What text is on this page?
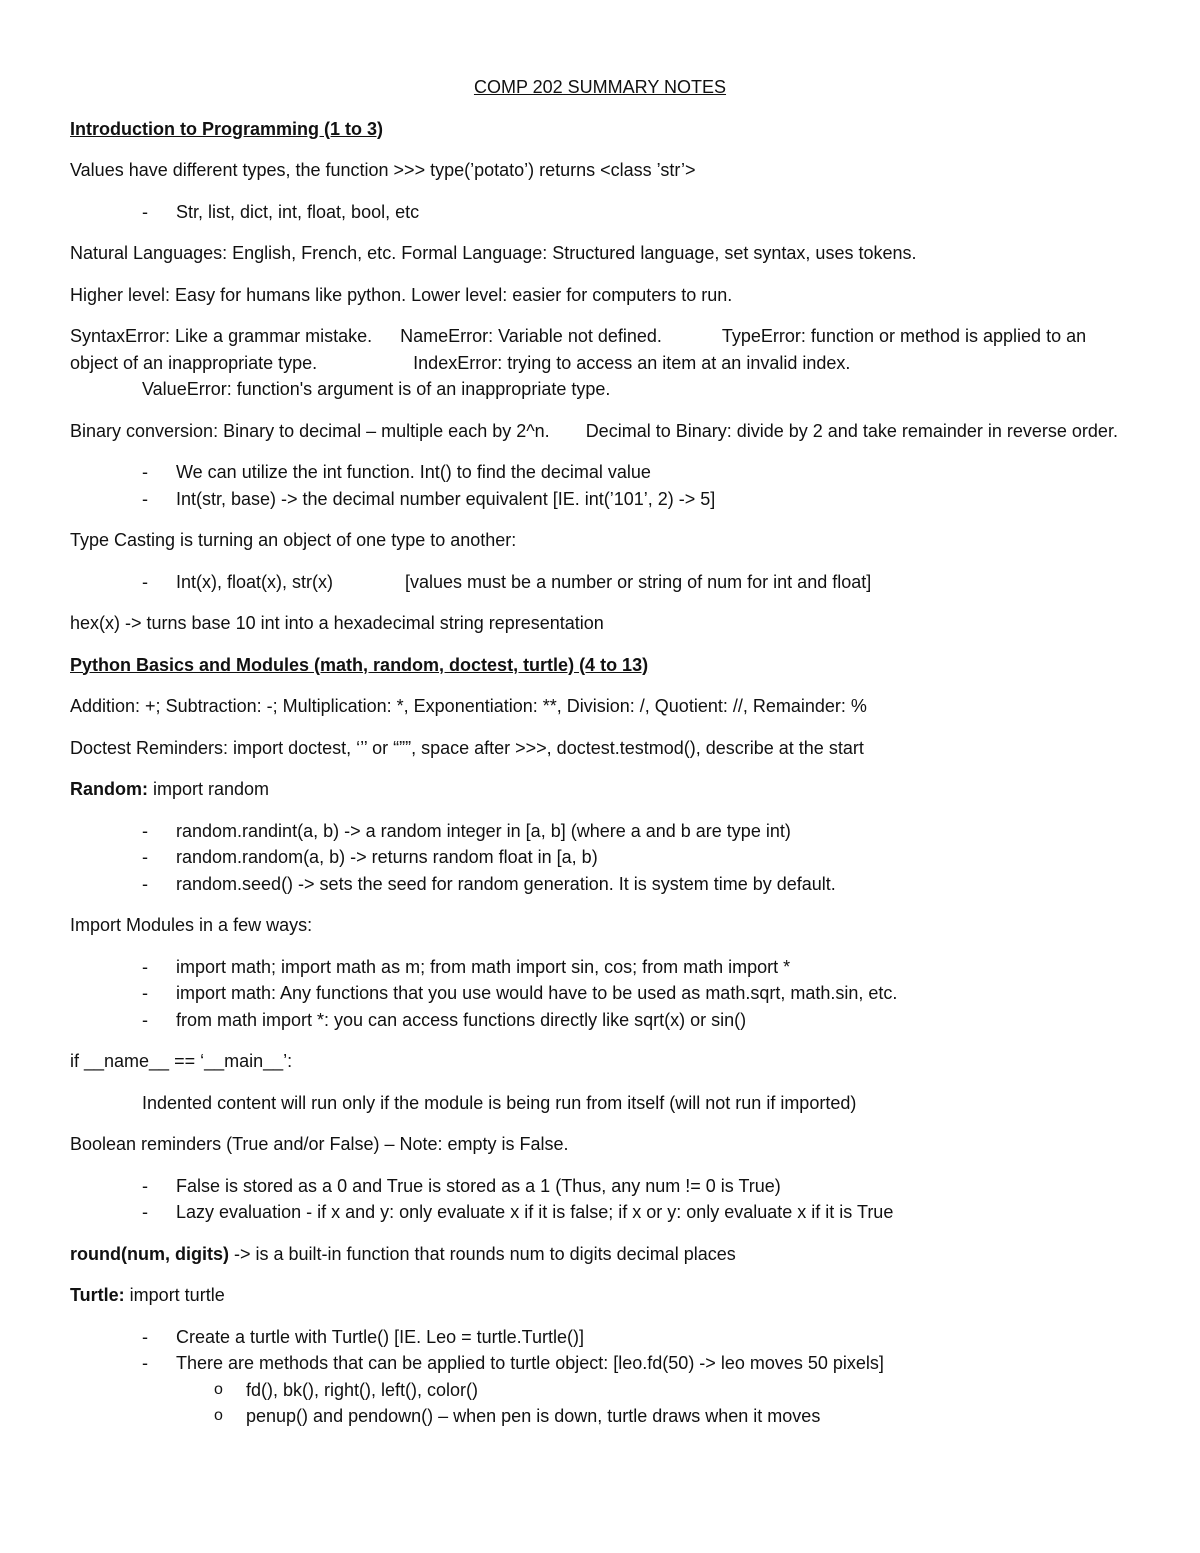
COMP 202 SUMMARY NOTES
Introduction to Programming (1 to 3)

Values have different types, the function >>> type(’potato’) returns <class ’str’>

- Str, list, dict, int, float, bool, etc

Natural Languages: English, French, etc. Formal Language: Structured language, set syntax, uses tokens.

Higher level: Easy for humans like python. Lower level: easier for computers to run.

SyntaxError: Like a grammar mistake. NameError: Variable not defined.	TypeError: function or method is applied to an object of an inappropriate type.	IndexError: trying to access an item at an invalid index.
ValueError: function's argument is of an inappropriate type.

Binary conversion: Binary to decimal – multiple each by 2^n. Decimal to Binary: divide by 2 and take remainder in reverse order.

- We can utilize the int function. Int() to find the decimal value
- Int(str, base) -> the decimal number equivalent [IE. int(’101’, 2) -> 5]

Type Casting is turning an object of one type to another:

- Int(x), float(x), str(x)	[values must be a number or string of num for int and float]

hex(x) -> turns base 10 int into a hexadecimal string representation

Python Basics and Modules (math, random, doctest, turtle) (4 to 13)

Addition: +; Subtraction: -; Multiplication: *, Exponentiation: **, Division: /, Quotient: //, Remainder: %

Doctest Reminders: import doctest, ‘’’ or “””, space after >>>, doctest.testmod(), describe at the start

Random: import random

- random.randint(a, b) -> a random integer in [a, b] (where a and b are type int)
- random.random(a, b) -> returns random float in [a, b)
- random.seed() -> sets the seed for random generation. It is system time by default.

Import Modules in a few ways:

- import math; import math as m; from math import sin, cos; from math import *
- import math: Any functions that you use would have to be used as math.sqrt, math.sin, etc.
- from math import *: you can access functions directly like sqrt(x) or sin()

if __name__ == ‘__main__’:

Indented content will run only if the module is being run from itself (will not run if imported)

Boolean reminders (True and/or False) – Note: empty is False.

- False is stored as a 0 and True is stored as a 1 (Thus, any num != 0 is True)
- Lazy evaluation - if x and y: only evaluate x if it is false; if x or y: only evaluate x if it is True

round(num, digits) -> is a built-in function that rounds num to digits decimal places

Turtle: import turtle

- Create a turtle with Turtle() [IE. Leo = turtle.Turtle()]
- There are methods that can be applied to turtle object: [leo.fd(50) -> leo moves 50 pixels]
o fd(), bk(), right(), left(), color()
o penup() and pendown() – when pen is down, turtle draws when it moves
